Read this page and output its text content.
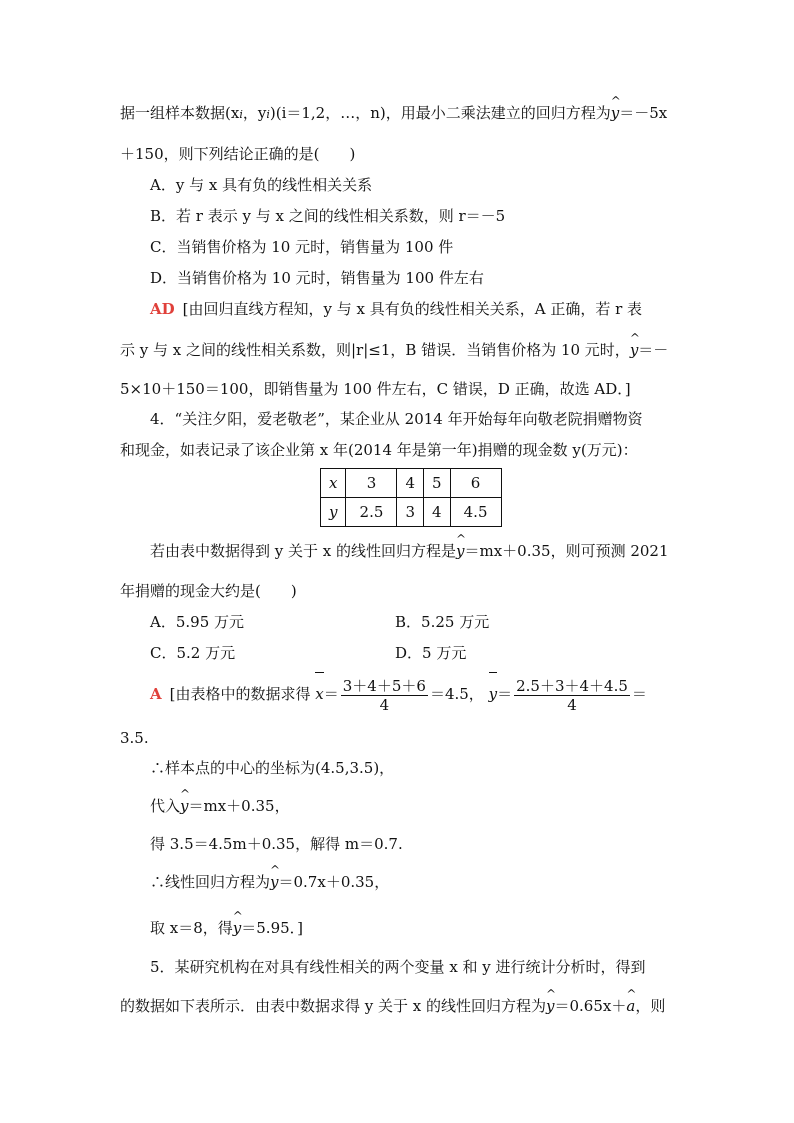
据一组样本数据(xi，yi)(i＝1,2，…，n)，用最小二乘法建立的回归方程为^ y＝－5x
＋150，则下列结论正确的是(　　)
A．y 与 x 具有负的线性相关关系
B．若 r 表示 y 与 x 之间的线性相关系数，则 r＝－5
C．当销售价格为 10 元时，销售量为 100 件
D．当销售价格为 10 元时，销售量为 100 件左右
AD [由回归直线方程知，y 与 x 具有负的线性相关关系，A 正确，若 r 表
示 y 与 x 之间的线性相关系数，则|r|≤1，B 错误．当销售价格为 10 元时，^ y＝－
5×10＋150＝100，即销售量为 100 件左右，C 错误，D 正确，故选 AD．]
4．“关注夕阳，爱老敬老”，某企业从 2014 年开始每年向敬老院捐赠物资
和现金，如表记录了该企业第 x 年(2014 年是第一年)捐赠的现金数 y(万元)：
x	3	4	5	6
y	2.5	3	4	4.5
若由表中数据得到 y 关于 x 的线性回归方程是^ y＝mx＋0.35，则可预测 2021
年捐赠的现金大约是(　　)
A．5.95 万元	B．5.25 万元
C．5.2 万元	D．5 万元
A [由表格中的数据求得 $x= \frac{3+4+5+6}{4} =4.5$， $y= \frac{2.5+3+4+4.5}{4}$ ＝
3.5.
∴样本点的中心的坐标为(4.5,3.5)，
代入^ y＝mx＋0.35，
得 3.5＝4.5m＋0.35，解得 m＝0.7.
∴线性回归方程为^ y＝0.7x＋0.35，
取 x＝8，得^ y＝5.95．]
5．某研究机构在对具有线性相关的两个变量 x 和 y 进行统计分析时，得到
的数据如下表所示．由表中数据求得 y 关于 x 的线性回归方程为^ y＝0.65x＋^ a，则
